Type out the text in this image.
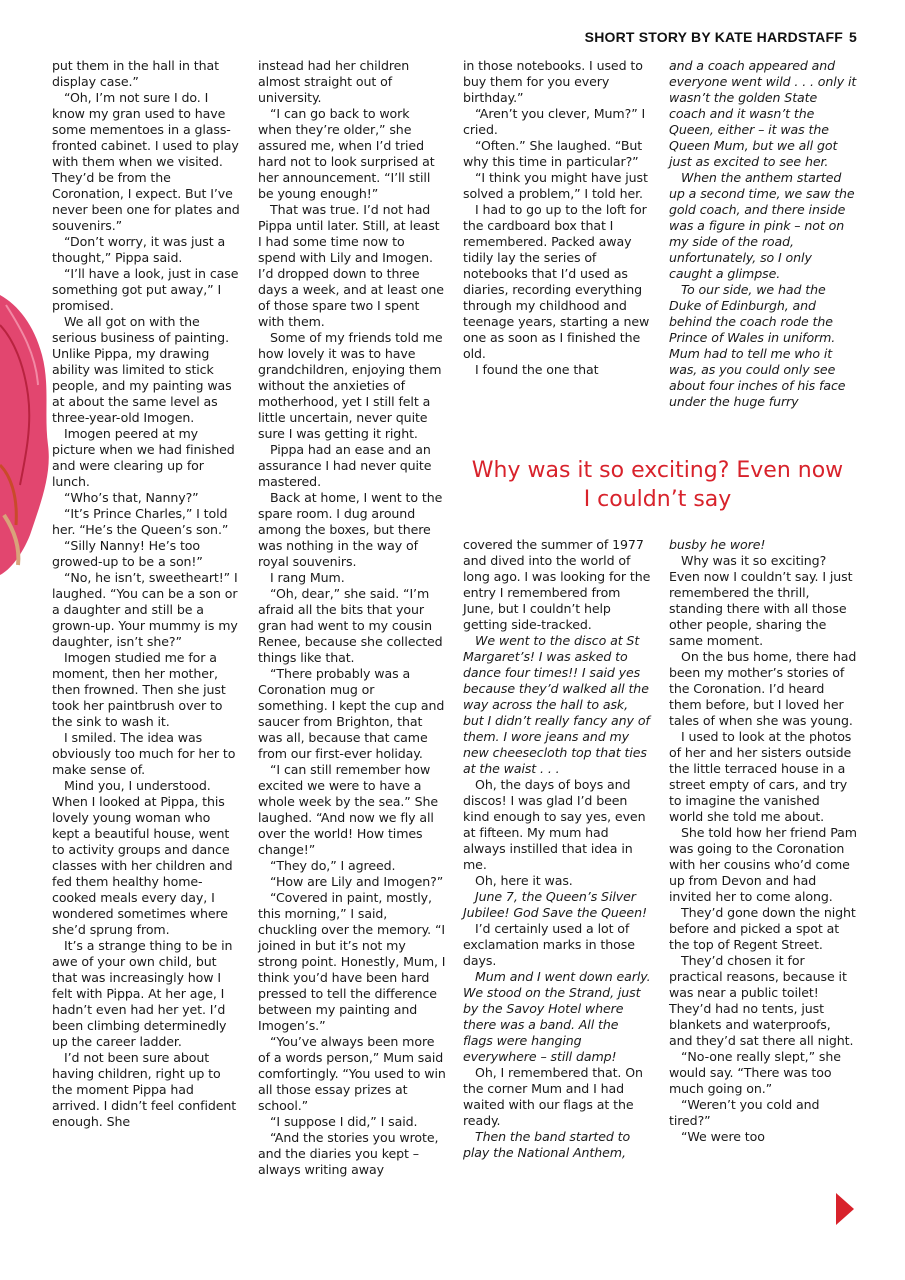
SHORT STORY BY KATE HARDSTAFF 5

put them in the hall in that display case.”

“Oh, I’m not sure I do. I know my gran used to have some mementoes in a glass-fronted cabinet. I used to play with them when we visited. They’d be from the Coronation, I expect. But I’ve never been one for plates and souvenirs.”

“Don’t worry, it was just a thought,” Pippa said.

“I’ll have a look, just in case something got put away,” I promised.

We all got on with the serious business of painting. Unlike Pippa, my drawing ability was limited to stick people, and my painting was at about the same level as three-year-old Imogen.

Imogen peered at my picture when we had finished and were clearing up for lunch.

“Who’s that, Nanny?”

“It’s Prince Charles,” I told her. “He’s the Queen’s son.”

“Silly Nanny! He’s too growed-up to be a son!”

“No, he isn’t, sweetheart!” I laughed. “You can be a son or a daughter and still be a grown-up. Your mummy is my daughter, isn’t she?”

Imogen studied me for a moment, then her mother, then frowned. Then she just took her paintbrush over to the sink to wash it.

I smiled. The idea was obviously too much for her to make sense of.

Mind you, I understood. When I looked at Pippa, this lovely young woman who kept a beautiful house, went to activity groups and dance classes with her children and fed them healthy home-cooked meals every day, I wondered sometimes where she’d sprung from.

It’s a strange thing to be in awe of your own child, but that was increasingly how I felt with Pippa. At her age, I hadn’t even had her yet. I’d been climbing determinedly up the career ladder.

I’d not been sure about having children, right up to the moment Pippa had arrived. I didn’t feel confident enough. She

instead had her children almost straight out of university.

“I can go back to work when they’re older,” she assured me, when I’d tried hard not to look surprised at her announcement. “I’ll still be young enough!”

That was true. I’d not had Pippa until later. Still, at least I had some time now to spend with Lily and Imogen. I’d dropped down to three days a week, and at least one of those spare two I spent with them.

Some of my friends told me how lovely it was to have grandchildren, enjoying them without the anxieties of motherhood, yet I still felt a little uncertain, never quite sure I was getting it right.

Pippa had an ease and an assurance I had never quite mastered.

Back at home, I went to the spare room. I dug around among the boxes, but there was nothing in the way of royal souvenirs.

I rang Mum.

“Oh, dear,” she said. “I’m afraid all the bits that your gran had went to my cousin Renee, because she collected things like that.

“There probably was a Coronation mug or something. I kept the cup and saucer from Brighton, that was all, because that came from our first-ever holiday.

“I can still remember how excited we were to have a whole week by the sea.” She laughed. “And now we fly all over the world! How times change!”

“They do,” I agreed.

“How are Lily and Imogen?”

“Covered in paint, mostly, this morning,” I said, chuckling over the memory. “I joined in but it’s not my strong point. Honestly, Mum, I think you’d have been hard pressed to tell the difference between my painting and Imogen’s.”

“You’ve always been more of a words person,” Mum said comfortingly. “You used to win all those essay prizes at school.”

“I suppose I did,” I said.

“And the stories you wrote, and the diaries you kept – always writing away

in those notebooks. I used to buy them for you every birthday.”

“Aren’t you clever, Mum?” I cried.

“Often.” She laughed. “But why this time in particular?”

“I think you might have just solved a problem,” I told her.

I had to go up to the loft for the cardboard box that I remembered. Packed away tidily lay the series of notebooks that I’d used as diaries, recording everything through my childhood and teenage years, starting a new one as soon as I finished the old.

I found the one that

and a coach appeared and everyone went wild . . . only it wasn’t the golden State coach and it wasn’t the Queen, either – it was the Queen Mum, but we all got just as excited to see her.

When the anthem started up a second time, we saw the gold coach, and there inside was a figure in pink – not on my side of the road, unfortunately, so I only caught a glimpse.

To our side, we had the Duke of Edinburgh, and behind the coach rode the Prince of Wales in uniform. Mum had to tell me who it was, as you could only see about four inches of his face under the huge furry

Why was it so exciting? Even now I couldn’t say

covered the summer of 1977 and dived into the world of long ago. I was looking for the entry I remembered from June, but I couldn’t help getting side-tracked.

We went to the disco at St Margaret’s! I was asked to dance four times!! I said yes because they’d walked all the way across the hall to ask, but I didn’t really fancy any of them. I wore jeans and my new cheesecloth top that ties at the waist . . .

Oh, the days of boys and discos! I was glad I’d been kind enough to say yes, even at fifteen. My mum had always instilled that idea in me.

Oh, here it was.

June 7, the Queen’s Silver Jubilee! God Save the Queen!

I’d certainly used a lot of exclamation marks in those days.

Mum and I went down early. We stood on the Strand, just by the Savoy Hotel where there was a band. All the flags were hanging everywhere – still damp!

Oh, I remembered that. On the corner Mum and I had waited with our flags at the ready.

Then the band started to play the National Anthem,

busby he wore!

Why was it so exciting? Even now I couldn’t say. I just remembered the thrill, standing there with all those other people, sharing the same moment.

On the bus home, there had been my mother’s stories of the Coronation. I’d heard them before, but I loved her tales of when she was young.

I used to look at the photos of her and her sisters outside the little terraced house in a street empty of cars, and try to imagine the vanished world she told me about.

She told how her friend Pam was going to the Coronation with her cousins who’d come up from Devon and had invited her to come along.

They’d gone down the night before and picked a spot at the top of Regent Street.

They’d chosen it for practical reasons, because it was near a public toilet! They’d had no tents, just blankets and waterproofs, and they’d sat there all night.

“No-one really slept,” she would say. “There was too much going on.”

“Weren’t you cold and tired?”

“We were too
